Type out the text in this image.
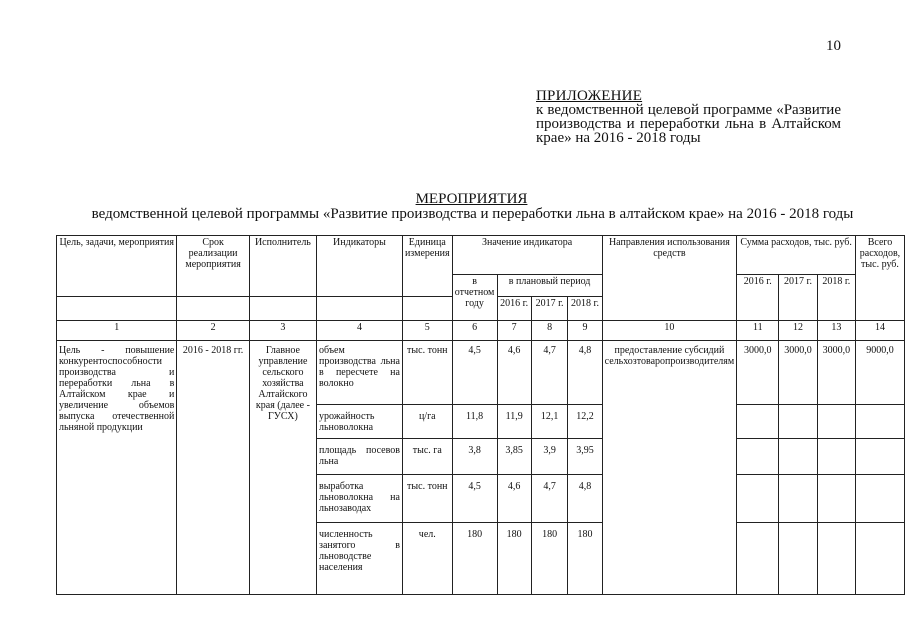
10
ПРИЛОЖЕНИЕ
к ведомственной целевой программе «Развитие производства и переработки льна в Алтайском крае» на 2016 - 2018 годы
МЕРОПРИЯТИЯ
ведомственной целевой программы «Развитие производства и переработки льна в алтайском крае» на 2016 - 2018 годы
Цель, задачи, мероприятия	Срок реализации мероприятия	Исполнитель	Индикаторы	Единица измерения	Значение индикатора				Направления использования средств	Сумма расходов, тыс. руб.			Всего расходов, тыс. руб.
					в отчетном году	в плановый период				2016 г.	2017 г.	2018 г.	
						2016 г.	2017 г.	2018 г.					
1	2	3	4	5	6	7	8	9	10	11	12	13	14
Цель - повышение конкурентоспособности производства и переработки льна в Алтайском крае и увеличение объемов выпуска отечественной льняной продукции	2016 - 2018 гг.	Главное управление сельского хозяйства Алтайского края (далее - ГУСХ)	объем производства льна в пересчете на волокно	тыс. тонн	4,5	4,6	4,7	4,8	предоставление субсидий сельхозтоваропроизводителям	3000,0	3000,0	3000,0	9000,0
			урожайность льноволокна	ц/га	11,8	11,9	12,1	12,2					
			площадь посевов льна	тыс. га	3,8	3,85	3,9	3,95					
			выработка льноволокна на льнозаводах	тыс. тонн	4,5	4,6	4,7	4,8					
			численность занятого в льноводстве населения	чел.	180	180	180	180					
